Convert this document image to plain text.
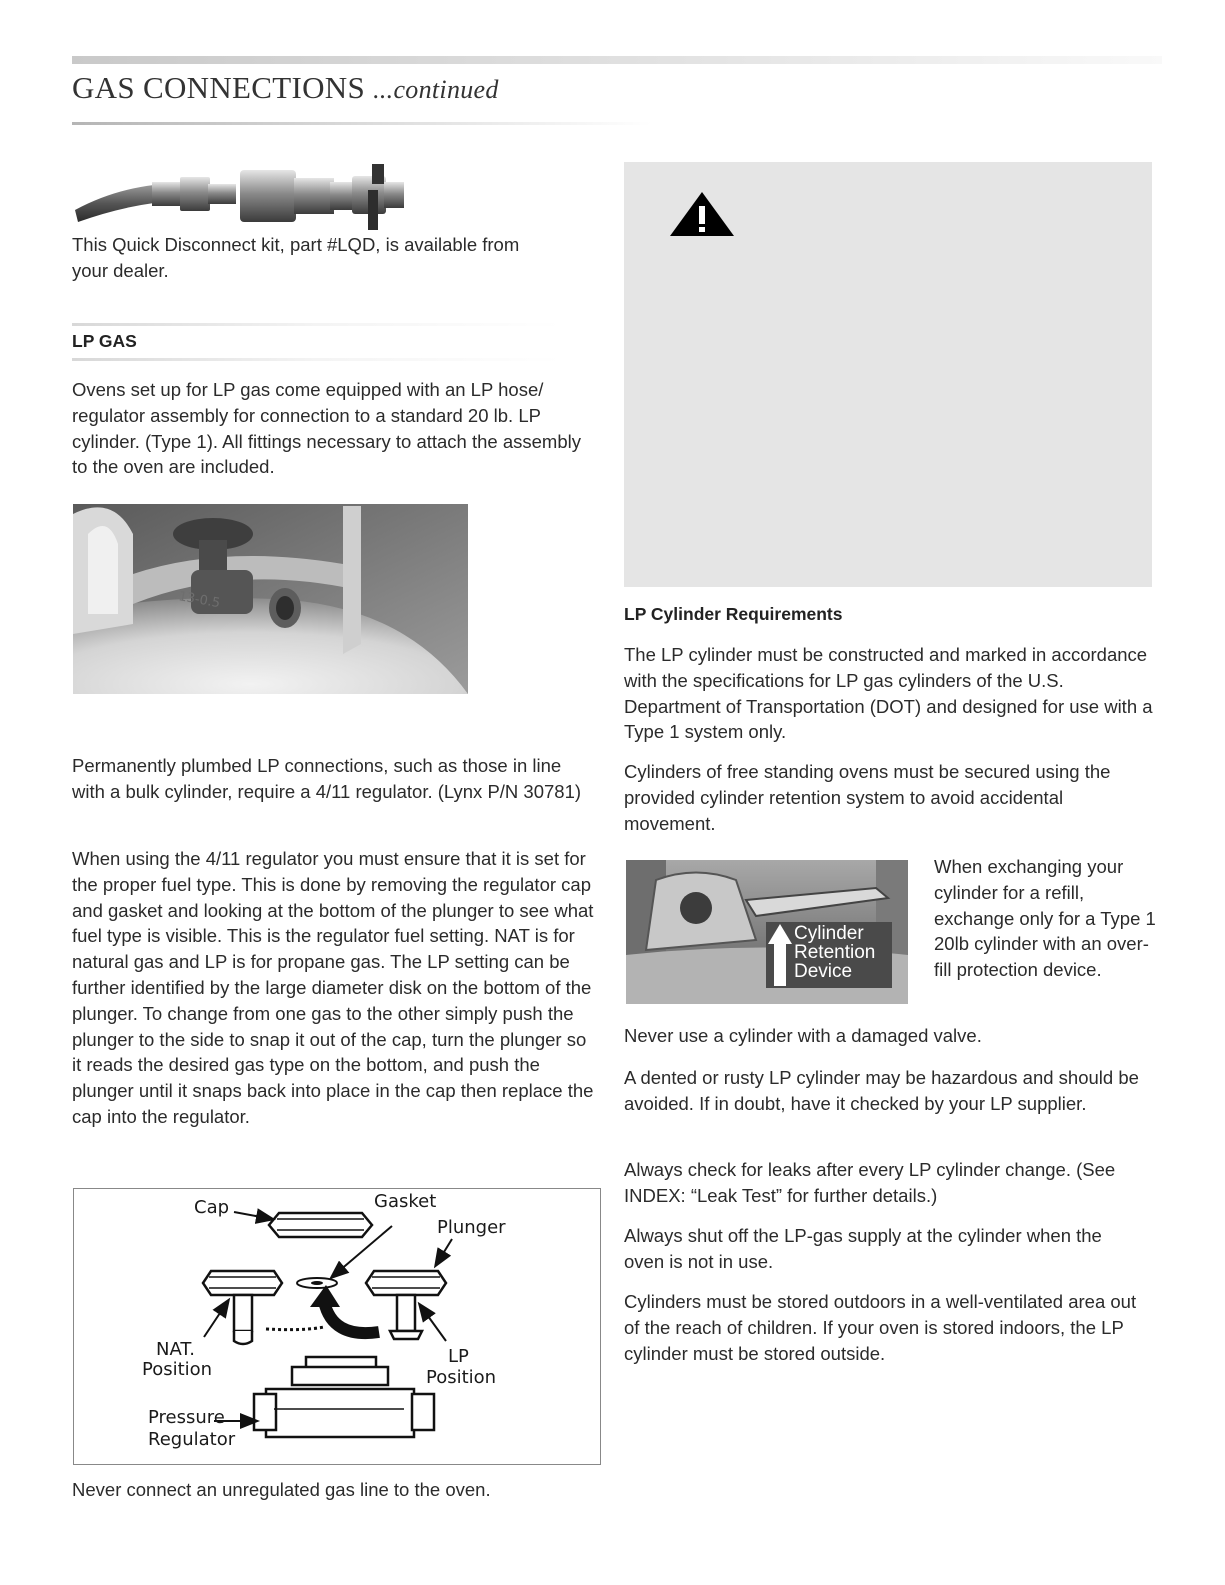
GAS CONNECTIONS ...continued

This Quick Disconnect kit, part #LQD, is available from your dealer.

LP GAS

Ovens set up for LP gas come equipped with an LP hose/ regulator assembly for connection to a standard 20 lb. LP cylinder. (Type 1). All fittings necessary to attach the assembly to the oven are included.

13-0.5

Permanently plumbed LP connections, such as those in line with a bulk cylinder, require a 4/11 regulator. (Lynx P/N 30781)

When using the 4/11 regulator you must ensure that it is set for the proper fuel type. This is done by removing the regulator cap and gasket and looking at the bottom of the plunger to see what fuel type is visible. This is the regulator fuel setting. NAT is for natural gas and LP is for propane gas. The LP setting can be further identified by the large diameter disk on the bottom of the plunger. To change from one gas to the other simply push the plunger to the side to snap it out of the cap, turn the plunger so it reads the desired gas type on the bottom, and push the plunger until it snaps back into place in the cap then replace the cap into the regulator.

Cap	Gasket
Plunger
NAT.
Position
LP
Position
Pressure
Regulator

Never connect an unregulated gas line to the oven.

LP Cylinder Requirements

The LP cylinder must be constructed and marked in accordance with the specifications for LP gas cylinders of the U.S. Department of Transportation (DOT) and designed for use with a Type 1 system only.

Cylinders of free standing ovens must be secured using the provided cylinder retention system to avoid accidental movement.

Cylinder
Retention
Device

When exchanging your cylinder for a refill, exchange only for a Type 1 20lb cylinder with an over-fill protection device.

Never use a cylinder with a damaged valve.

A dented or rusty LP cylinder may be hazardous and should be avoided. If in doubt, have it checked by your LP supplier.

Always check for leaks after every LP cylinder change. (See INDEX: “Leak Test” for further details.)

Always shut off the LP-gas supply at the cylinder when the oven is not in use.

Cylinders must be stored outdoors in a well-ventilated area out of the reach of children. If your oven is stored indoors, the LP cylinder must be stored outside.
